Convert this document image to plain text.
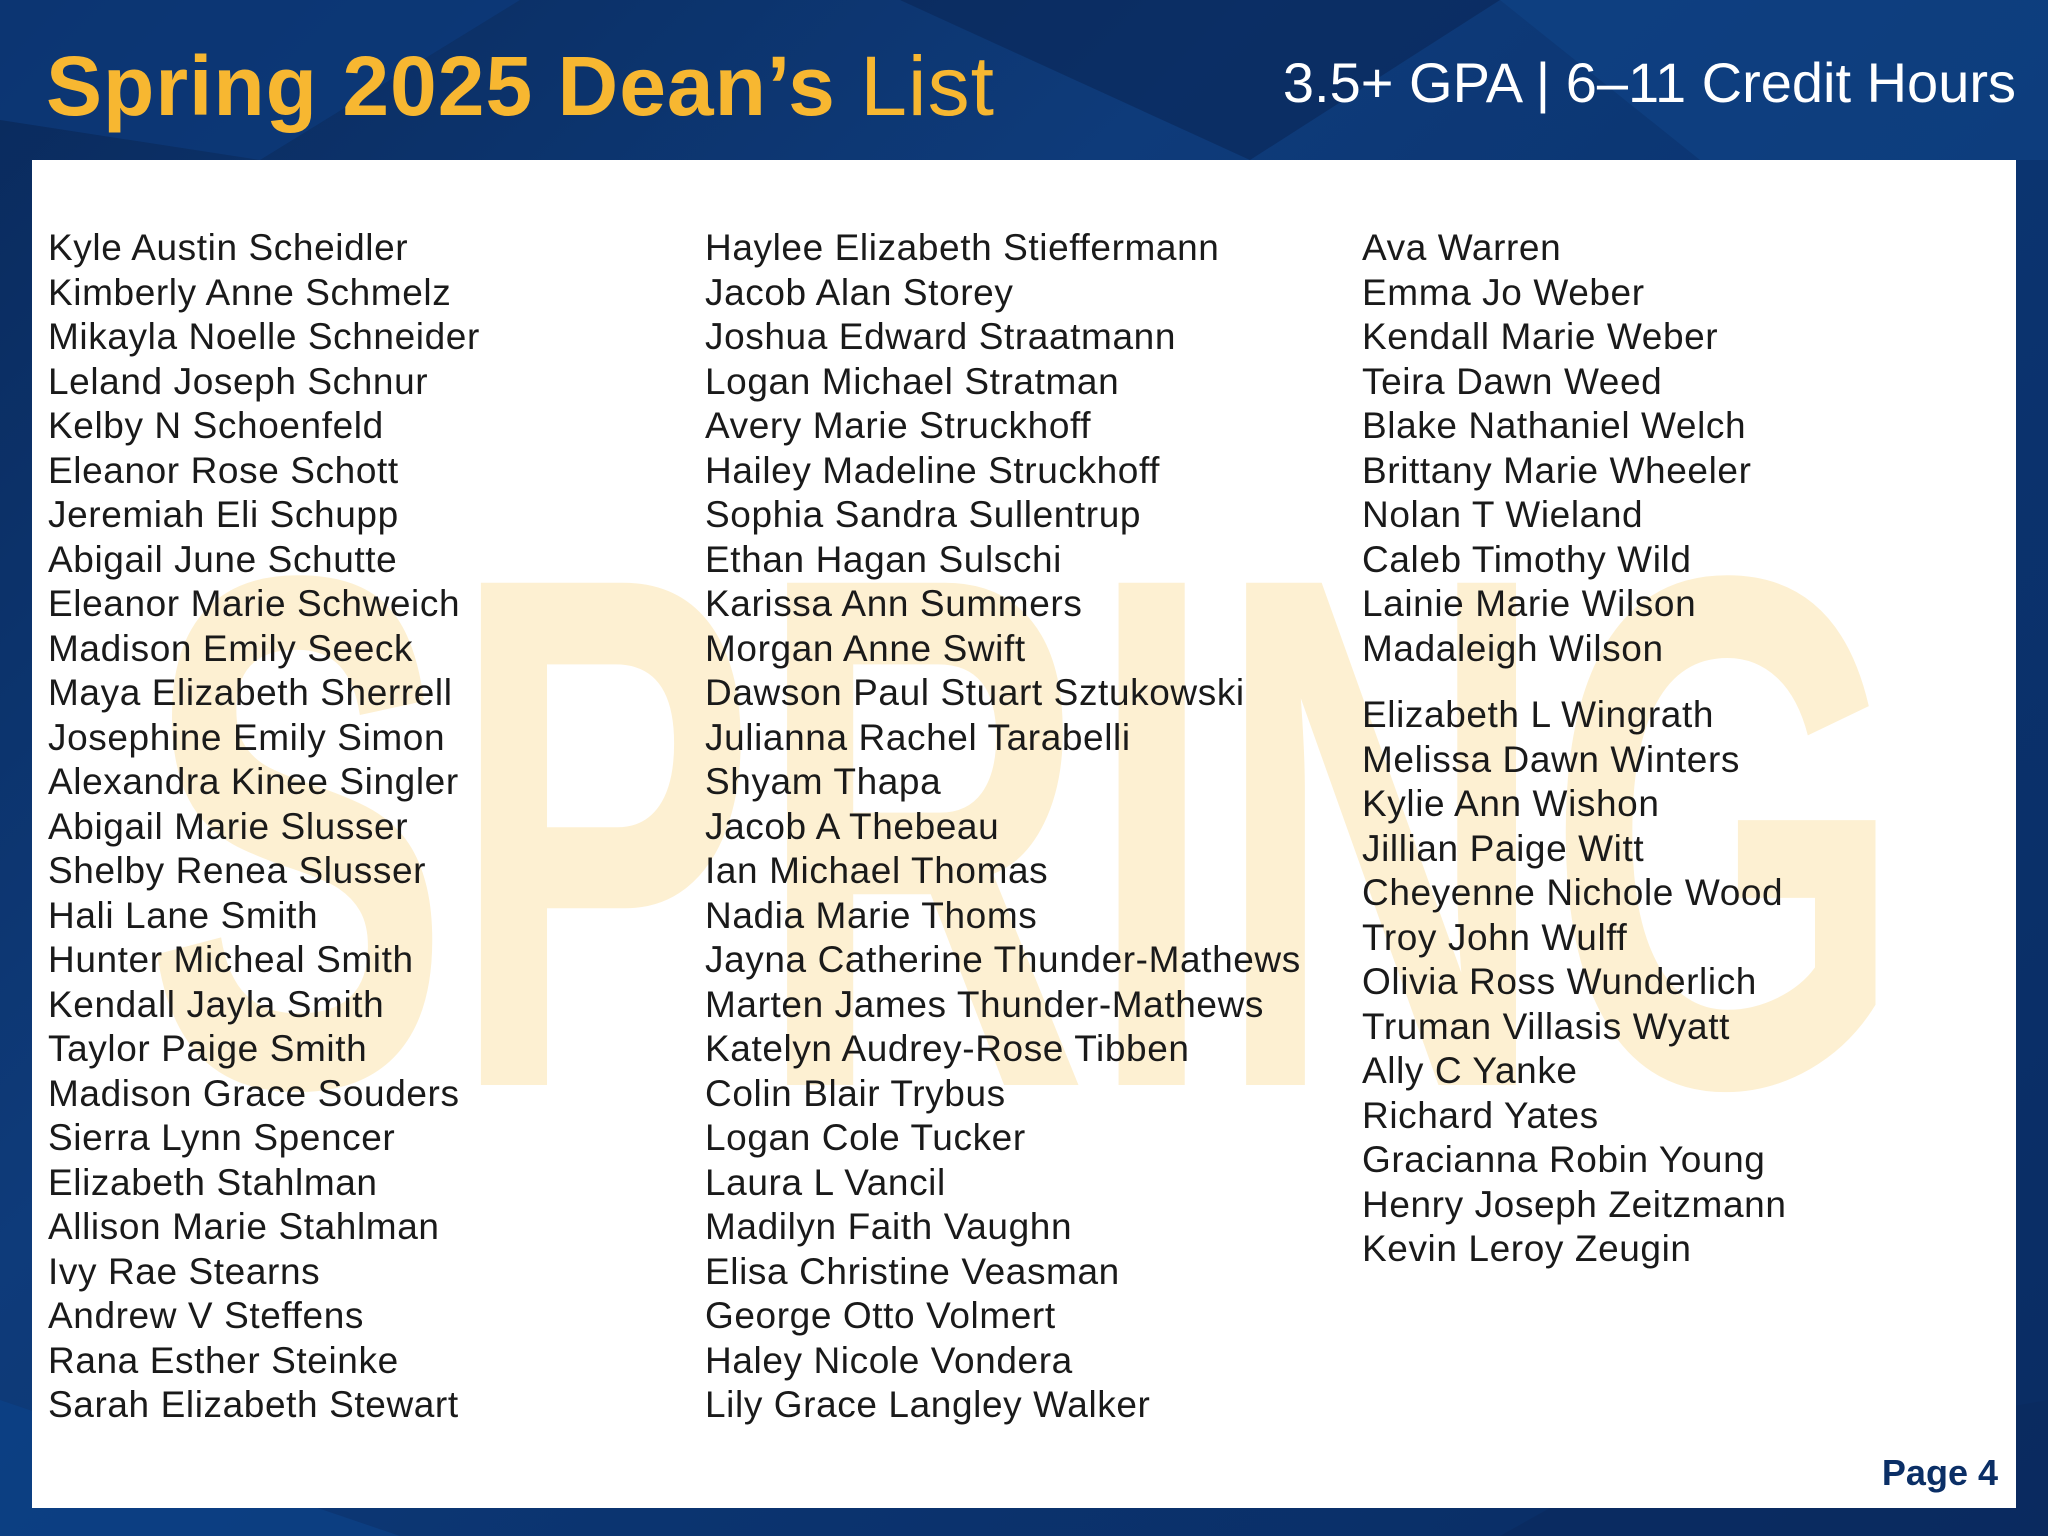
Spring 2025 Dean’s List	3.5+ GPA | 6–11 Credit Hours
SPRING
Kyle Austin Scheidler
Kimberly Anne Schmelz
Mikayla Noelle Schneider
Leland Joseph Schnur
Kelby N Schoenfeld
Eleanor Rose Schott
Jeremiah Eli Schupp
Abigail June Schutte
Eleanor Marie Schweich
Madison Emily Seeck
Maya Elizabeth Sherrell
Josephine Emily Simon
Alexandra Kinee Singler
Abigail Marie Slusser
Shelby Renea Slusser
Hali Lane Smith
Hunter Micheal Smith
Kendall Jayla Smith
Taylor Paige Smith
Madison Grace Souders
Sierra Lynn Spencer
Elizabeth Stahlman
Allison Marie Stahlman
Ivy Rae Stearns
Andrew V Steffens
Rana Esther Steinke
Sarah Elizabeth Stewart
Haylee Elizabeth Stieffermann
Jacob Alan Storey
Joshua Edward Straatmann
Logan Michael Stratman
Avery Marie Struckhoff
Hailey Madeline Struckhoff
Sophia Sandra Sullentrup
Ethan Hagan Sulschi
Karissa Ann Summers
Morgan Anne Swift
Dawson Paul Stuart Sztukowski
Julianna Rachel Tarabelli
Shyam Thapa
Jacob A Thebeau
Ian Michael Thomas
Nadia Marie Thoms
Jayna Catherine Thunder-Mathews
Marten James Thunder-Mathews
Katelyn Audrey-Rose Tibben
Colin Blair Trybus
Logan Cole Tucker
Laura L Vancil
Madilyn Faith Vaughn
Elisa Christine Veasman
George Otto Volmert
Haley Nicole Vondera
Lily Grace Langley Walker
Ava Warren
Emma Jo Weber
Kendall Marie Weber
Teira Dawn Weed
Blake Nathaniel Welch
Brittany Marie Wheeler
Nolan T Wieland
Caleb Timothy Wild
Lainie Marie Wilson
Madaleigh Wilson
Elizabeth L Wingrath
Melissa Dawn Winters
Kylie Ann Wishon
Jillian Paige Witt
Cheyenne Nichole Wood
Troy John Wulff
Olivia Ross Wunderlich
Truman Villasis Wyatt
Ally C Yanke
Richard Yates
Gracianna Robin Young
Henry Joseph Zeitzmann
Kevin Leroy Zeugin
Page 4
